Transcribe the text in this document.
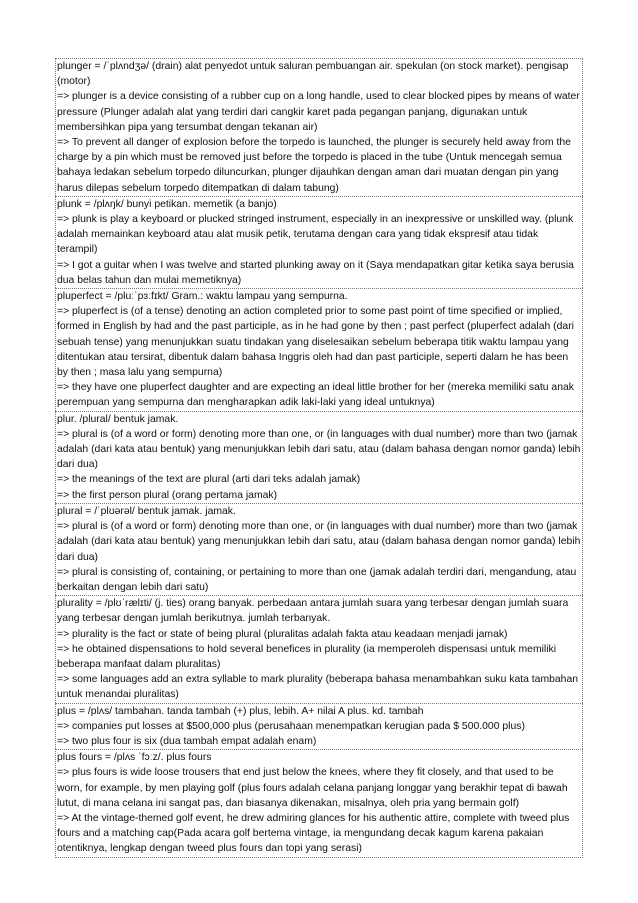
plunger = /ˈplʌndʒə/ (drain) alat penyedot untuk saluran pembuangan air. spekulan (on stock market). pengisap (motor)

=> plunger is a device consisting of a rubber cup on a long handle, used to clear blocked pipes by means of water pressure (Plunger adalah alat yang terdiri dari cangkir karet pada pegangan panjang, digunakan untuk membersihkan pipa yang tersumbat dengan tekanan air)

=> To prevent all danger of explosion before the torpedo is launched, the plunger is securely held away from the charge by a pin which must be removed just before the torpedo is placed in the tube (Untuk mencegah semua bahaya ledakan sebelum torpedo diluncurkan, plunger dijauhkan dengan aman dari muatan dengan pin yang harus dilepas sebelum torpedo ditempatkan di dalam tabung)

plunk = /plʌŋk/ bunyi petikan. memetik (a banjo)

=> plunk is play a keyboard or plucked stringed instrument, especially in an inexpressive or unskilled way. (plunk adalah memainkan keyboard atau alat musik petik, terutama dengan cara yang tidak ekspresif atau tidak terampil)

=> I got a guitar when I was twelve and started plunking away on it (Saya mendapatkan gitar ketika saya berusia dua belas tahun dan mulai memetiknya)

pluperfect = /pluːˈpɜːfɪkt/ Gram.: waktu lampau yang sempurna.

=> pluperfect is (of a tense) denoting an action completed prior to some past point of time specified or implied, formed in English by had and the past participle, as in he had gone by then ; past perfect (pluperfect adalah (dari sebuah tense) yang menunjukkan suatu tindakan yang diselesaikan sebelum beberapa titik waktu lampau yang ditentukan atau tersirat, dibentuk dalam bahasa Inggris oleh had dan past participle, seperti dalam he has been by then ; masa lalu yang sempurna)

=> they have one pluperfect daughter and are expecting an ideal little brother for her (mereka memiliki satu anak perempuan yang sempurna dan mengharapkan adik laki-laki yang ideal untuknya)

plur. /plural/ bentuk jamak.

=> plural is (of a word or form) denoting more than one, or (in languages with dual number) more than two (jamak adalah (dari kata atau bentuk) yang menunjukkan lebih dari satu, atau (dalam bahasa dengan nomor ganda) lebih dari dua)

=> the meanings of the text are plural (arti dari teks adalah jamak)

=> the first person plural (orang pertama jamak)

plural = /ˈplʊərəl/ bentuk jamak. jamak.

=> plural is (of a word or form) denoting more than one, or (in languages with dual number) more than two (jamak adalah (dari kata atau bentuk) yang menunjukkan lebih dari satu, atau (dalam bahasa dengan nomor ganda) lebih dari dua)

=> plural is consisting of, containing, or pertaining to more than one (jamak adalah terdiri dari, mengandung, atau berkaitan dengan lebih dari satu)

plurality = /plʊˈrælɪti/ (j. ties) orang banyak. perbedaan antara jumlah suara yang terbesar dengan jumlah suara yang terbesar dengan jumlah berikutnya. jumlah terbanyak.

=> plurality is the fact or state of being plural (pluralitas adalah fakta atau keadaan menjadi jamak)

=> he obtained dispensations to hold several benefices in plurality (ia memperoleh dispensasi untuk memiliki beberapa manfaat dalam pluralitas)

=> some languages add an extra syllable to mark plurality (beberapa bahasa menambahkan suku kata tambahan untuk menandai pluralitas)

plus = /plʌs/ tambahan. tanda tambah (+) plus, lebih. A+ nilai A plus. kd. tambah

=> companies put losses at $500,000 plus (perusahaan menempatkan kerugian pada $ 500.000 plus)

=> two plus four is six (dua tambah empat adalah enam)

plus fours = /plʌs ˈfɔːz/. plus fours

=> plus fours is wide loose trousers that end just below the knees, where they fit closely, and that used to be worn, for example, by men playing golf (plus fours adalah celana panjang longgar yang berakhir tepat di bawah lutut, di mana celana ini sangat pas, dan biasanya dikenakan, misalnya, oleh pria yang bermain golf)

=> At the vintage-themed golf event, he drew admiring glances for his authentic attire, complete with tweed plus fours and a matching cap(Pada acara golf bertema vintage, ia mengundang decak kagum karena pakaian otentiknya, lengkap dengan tweed plus fours dan topi yang serasi)
